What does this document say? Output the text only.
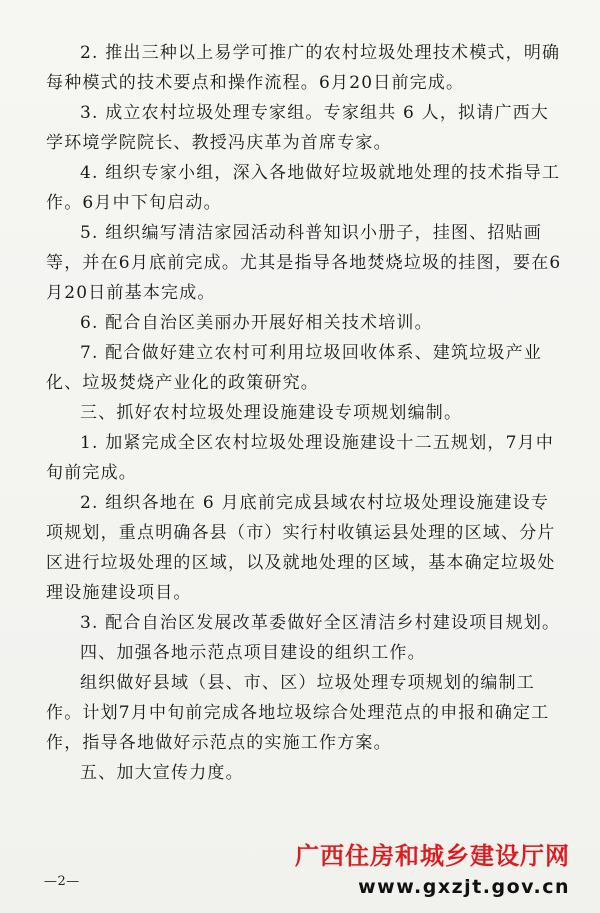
2. 推出三种以上易学可推广的农村垃圾处理技术模式，明确每种模式的技术要点和操作流程。6月20日前完成。

3. 成立农村垃圾处理专家组。专家组共 6 人，拟请广西大学环境学院院长、教授冯庆革为首席专家。

4. 组织专家小组，深入各地做好垃圾就地处理的技术指导工作。6月中下旬启动。

5. 组织编写清洁家园活动科普知识小册子，挂图、招贴画等，并在6月底前完成。尤其是指导各地焚烧垃圾的挂图，要在6月20日前基本完成。

6. 配合自治区美丽办开展好相关技术培训。

7. 配合做好建立农村可利用垃圾回收体系、建筑垃圾产业化、垃圾焚烧产业化的政策研究。

三、抓好农村垃圾处理设施建设专项规划编制。

1. 加紧完成全区农村垃圾处理设施建设十二五规划，7月中旬前完成。

2. 组织各地在 6 月底前完成县域农村垃圾处理设施建设专项规划，重点明确各县（市）实行村收镇运县处理的区域、分片区进行垃圾处理的区域，以及就地处理的区域，基本确定垃圾处理设施建设项目。

3. 配合自治区发展改革委做好全区清洁乡村建设项目规划。

四、加强各地示范点项目建设的组织工作。

组织做好县域（县、市、区）垃圾处理专项规划的编制工作。计划7月中旬前完成各地垃圾综合处理范点的申报和确定工作，指导各地做好示范点的实施工作方案。

五、加大宣传力度。

—2—
广西住房和城乡建设厅网
www.gxzjt.gov.cn
